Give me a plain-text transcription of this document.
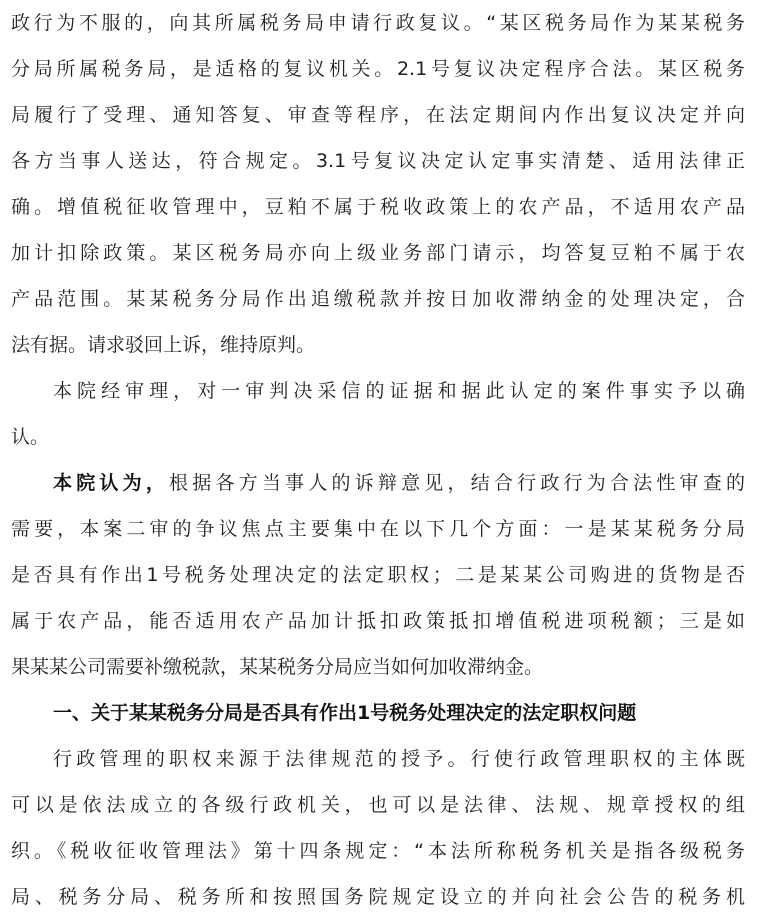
政行为不服的，向其所属税务局申请行政复议。“某区税务局作为某某税务
分局所属税务局，是适格的复议机关。2.1号复议决定程序合法。某区税务
局履行了受理、通知答复、审查等程序，在法定期间内作出复议决定并向
各方当事人送达，符合规定。3.1号复议决定认定事实清楚、适用法律正
确。增值税征收管理中，豆粕不属于税收政策上的农产品，不适用农产品
加计扣除政策。某区税务局亦向上级业务部门请示，均答复豆粕不属于农
产品范围。某某税务分局作出追缴税款并按日加收滞纳金的处理决定，合
法有据。请求驳回上诉，维持原判。
本院经审理，对一审判决采信的证据和据此认定的案件事实予以确
认。
本院认为，根据各方当事人的诉辩意见，结合行政行为合法性审查的
需要，本案二审的争议焦点主要集中在以下几个方面：一是某某税务分局
是否具有作出1号税务处理决定的法定职权；二是某某公司购进的货物是否
属于农产品，能否适用农产品加计抵扣政策抵扣增值税进项税额；三是如
果某某公司需要补缴税款，某某税务分局应当如何加收滞纳金。
一、关于某某税务分局是否具有作出1号税务处理决定的法定职权问题
行政管理的职权来源于法律规范的授予。行使行政管理职权的主体既
可以是依法成立的各级行政机关，也可以是法律、法规、规章授权的组
织。《税收征收管理法》第十四条规定：“本法所称税务机关是指各级税务
局、税务分局、税务所和按照国务院规定设立的并向社会公告的税务机
